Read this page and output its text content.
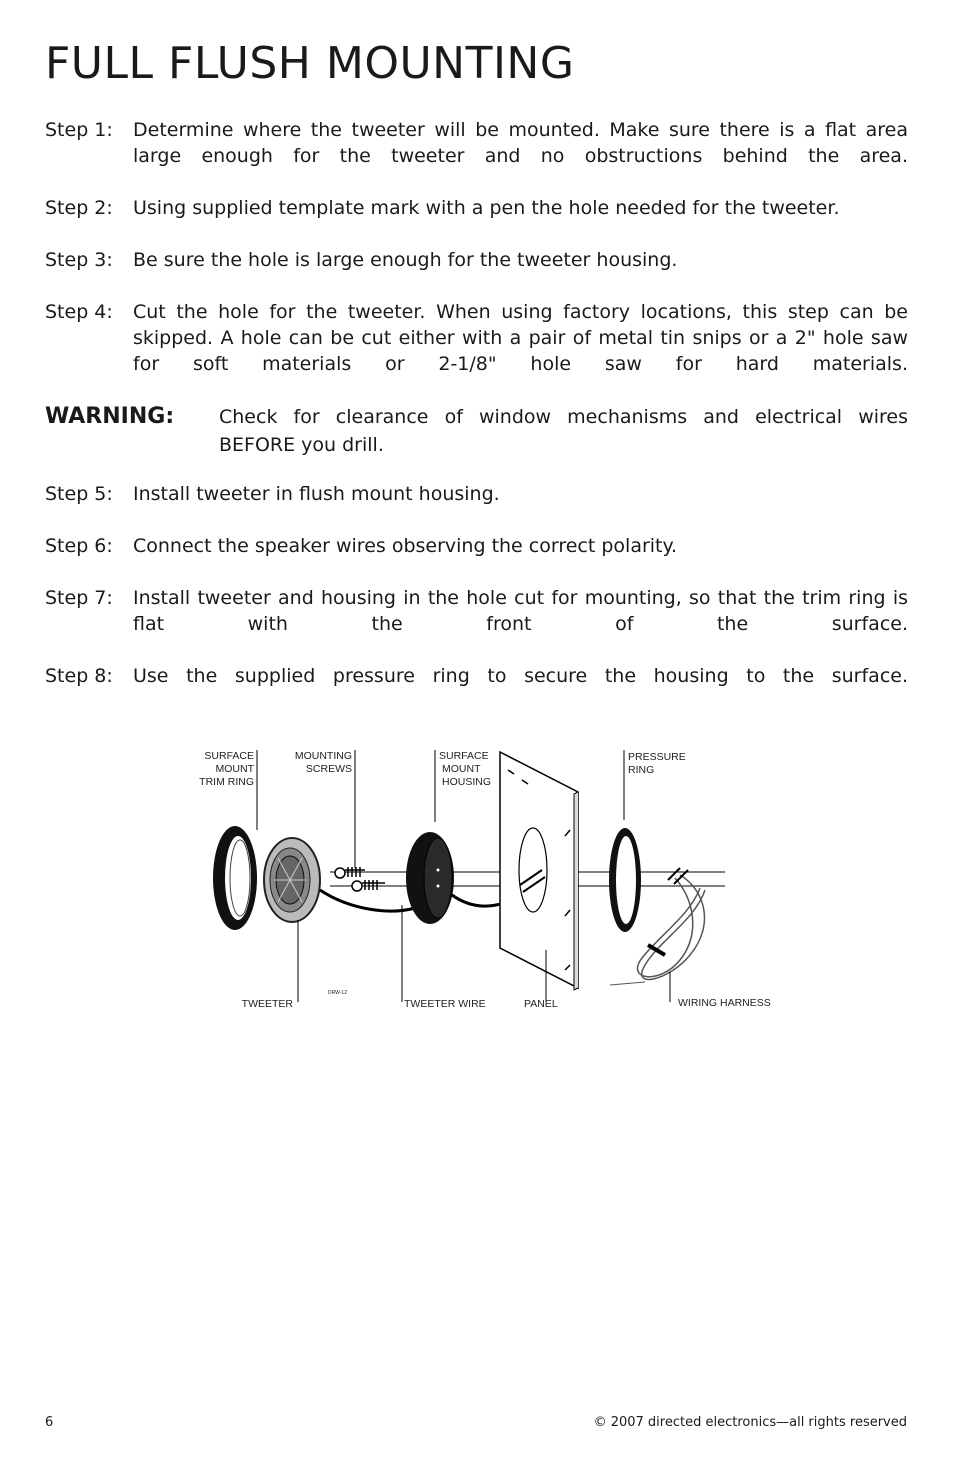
FULL FLUSH MOUNTING
Step 1:	Determine where the tweeter will be mounted. Make sure there is a flat area large enough for the tweeter and no obstructions behind the area.
Step 2:	Using supplied template mark with a pen the hole needed for the tweeter.
Step 3:	Be sure the hole is large enough for the tweeter housing.
Step 4:	Cut the hole for the tweeter. When using factory locations, this step can be skipped. A hole can be cut either with a pair of metal tin snips or a 2" hole saw for soft materials or 2-1/8" hole saw for hard materials.
WARNING:	Check for clearance of window mechanisms and electrical wires BEFORE you drill.
Step 5:	Install tweeter in flush mount housing.
Step 6:	Connect the speaker wires observing the correct polarity.
Step 7:	Install tweeter and housing in the hole cut for mounting, so that the trim ring is flat with the front of the surface.
Step 8:	Use the supplied pressure ring to secure the housing to the surface.
SURFACE
MOUNT
TRIM RING
MOUNTING
SCREWS
SURFACE
MOUNT
HOUSING
PRESSURE
RING
TWEETER	TWEETER WIRE	PANEL	WIRING HARNESS
DRW-12
6	© 2007 directed electronics—all rights reserved
